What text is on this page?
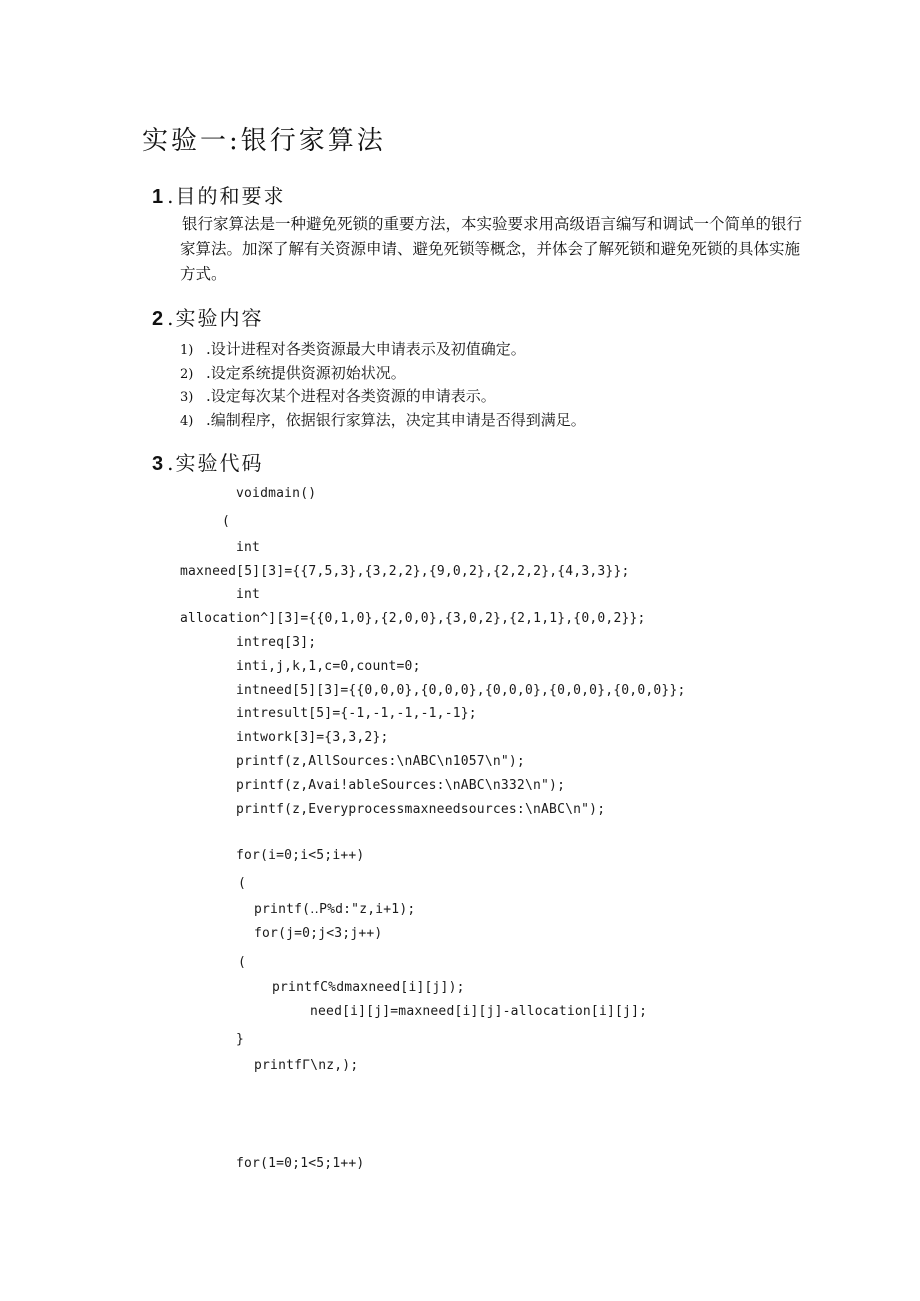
实验一:银行家算法
1 .目的和要求

银行家算法是一种避免死锁的重要方法，本实验要求用高级语言编写和调试一个简单的银行家算法。加深了解有关资源申请、避免死锁等概念，并体会了解死锁和避免死锁的具体实施方式。

2 .实验内容
1) .设计进程对各类资源最大申请表示及初值确定。
2) .设定系统提供资源初始状况。
3) .设定每次某个进程对各类资源的申请表示。
4) .编制程序，依据银行家算法，决定其申请是否得到满足。
3 .实验代码
voidmain()
(
int
maxneed[5][3]={{7,5,3},{3,2,2},{9,0,2},{2,2,2},{4,3,3}};
int
allocation^][3]={{0,1,0},{2,0,0},{3,0,2},{2,1,1},{0,0,2}};
intreq[3];
inti,j,k,1,c=0,count=0;
intneed[5][3]={{0,0,0},{0,0,0},{0,0,0},{0,0,0},{0,0,0}};
intresult[5]={-1,-1,-1,-1,-1};
intwork[3]={3,3,2};
printf(z,AllSources:\nABC\n1057\n");
printf(z,Avai!ableSources:\nABC\n332\n");
printf(z,Everyprocessmaxneedsources:\nABC\n");
for(i=0;i<5;i++)
(
printf(‥P%d:"z,i+1);
for(j=0;j<3;j++)
(
printfC%dmaxneed[i][j]);
need[i][j]=maxneed[i][j]-allocation[i][j];
}
printfΓ\nz,);
for(1=0;1<5;1++)
